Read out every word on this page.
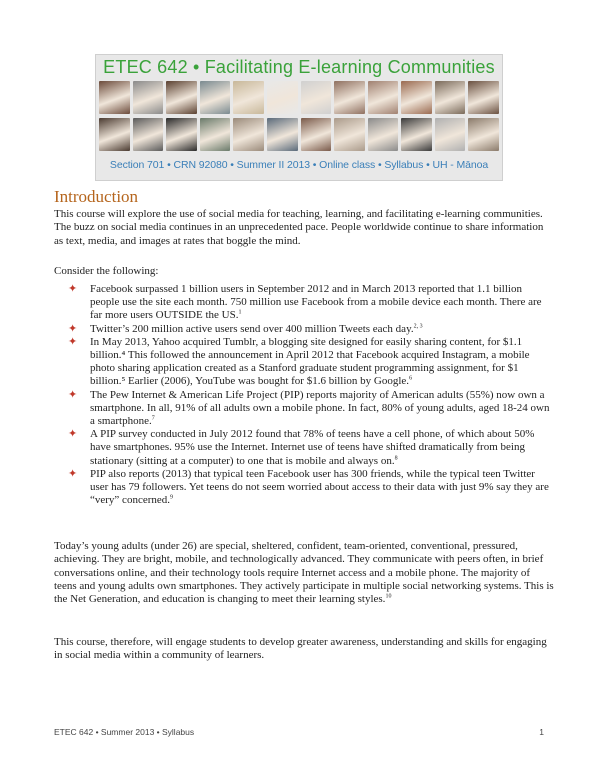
ETEC 642 • Facilitating E-learning Communities
Section 701 • CRN 92080 • Summer II 2013 • Online class • Syllabus • UH - Mānoa
Introduction

This course will explore the use of social media for teaching, learning, and facilitating e-learning communities. The buzz on social media continues in an unprecedented pace. People worldwide continue to share information as text, media, and images at rates that boggle the mind.

Consider the following:

✦ Facebook surpassed 1 billion users in September 2012 and in March 2013 reported that 1.1 billion people use the site each month. 750 million use Facebook from a mobile device each month. There are far more users OUTSIDE the US.$^1$
✦ Twitter’s 200 million active users send over 400 million Tweets each day.$^{2, 3}$
✦ In May 2013, Yahoo acquired Tumblr, a blogging site designed for easily sharing content, for $1.1 billion.⁴ This followed the announcement in April 2012 that Facebook acquired Instagram, a mobile photo sharing application created as a Stanford graduate student programming assignment, for $1 billion.⁵ Earlier (2006), YouTube was bought for $1.6 billion by Google.$^6$
✦ The Pew Internet & American Life Project (PIP) reports majority of American adults (55%) now own a smartphone. In all, 91% of all adults own a mobile phone. In fact, 80% of young adults, aged 18-24 own a smartphone.$^7$
✦ A PIP survey conducted in July 2012 found that 78% of teens have a cell phone, of which about 50% have smartphones. 95% use the Internet. Internet use of teens have shifted dramatically from being stationary (sitting at a computer) to one that is mobile and always on.$^8$
✦ PIP also reports (2013) that typical teen Facebook user has 300 friends, while the typical teen Twitter user has 79 followers. Yet teens do not seem worried about access to their data with just 9% say they are “very” concerned.$^9$

Today’s young adults (under 26) are special, sheltered, confident, team-oriented, conventional, pressured, achieving. They are bright, mobile, and technologically advanced. They communicate with peers often, in brief conversations online, and their technology tools require Internet access and a mobile phone. The majority of teens and young adults own smartphones. They actively participate in multiple social networking systems. This is the Net Generation, and education is changing to meet their learning styles.$^{10}$

This course, therefore, will engage students to develop greater awareness, understanding and skills for engaging in social media within a community of learners.

ETEC 642 • Summer 2013 • Syllabus	1
